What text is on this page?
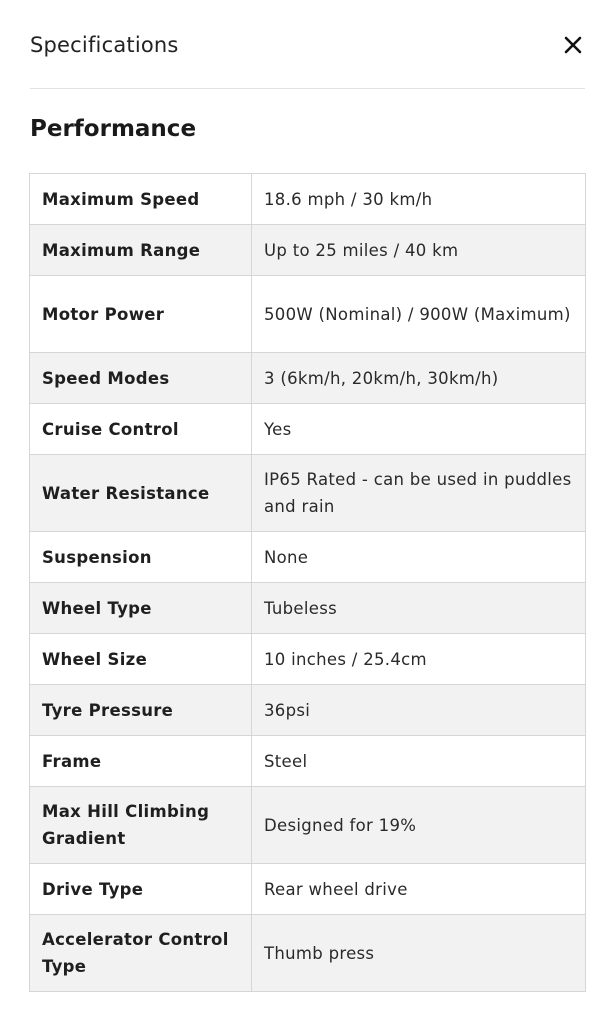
Specifications
Performance
Maximum Speed	18.6 mph / 30 km/h
Maximum Range	Up to 25 miles / 40 km
Motor Power	500W (Nominal) / 900W (Maximum)
Speed Modes	3 (6km/h, 20km/h, 30km/h)
Cruise Control	Yes
Water Resistance	IP65 Rated - can be used in puddles and rain
Suspension	None
Wheel Type	Tubeless
Wheel Size	10 inches / 25.4cm
Tyre Pressure	36psi
Frame	Steel
Max Hill Climbing Gradient	Designed for 19%
Drive Type	Rear wheel drive
Accelerator Control Type	Thumb press
